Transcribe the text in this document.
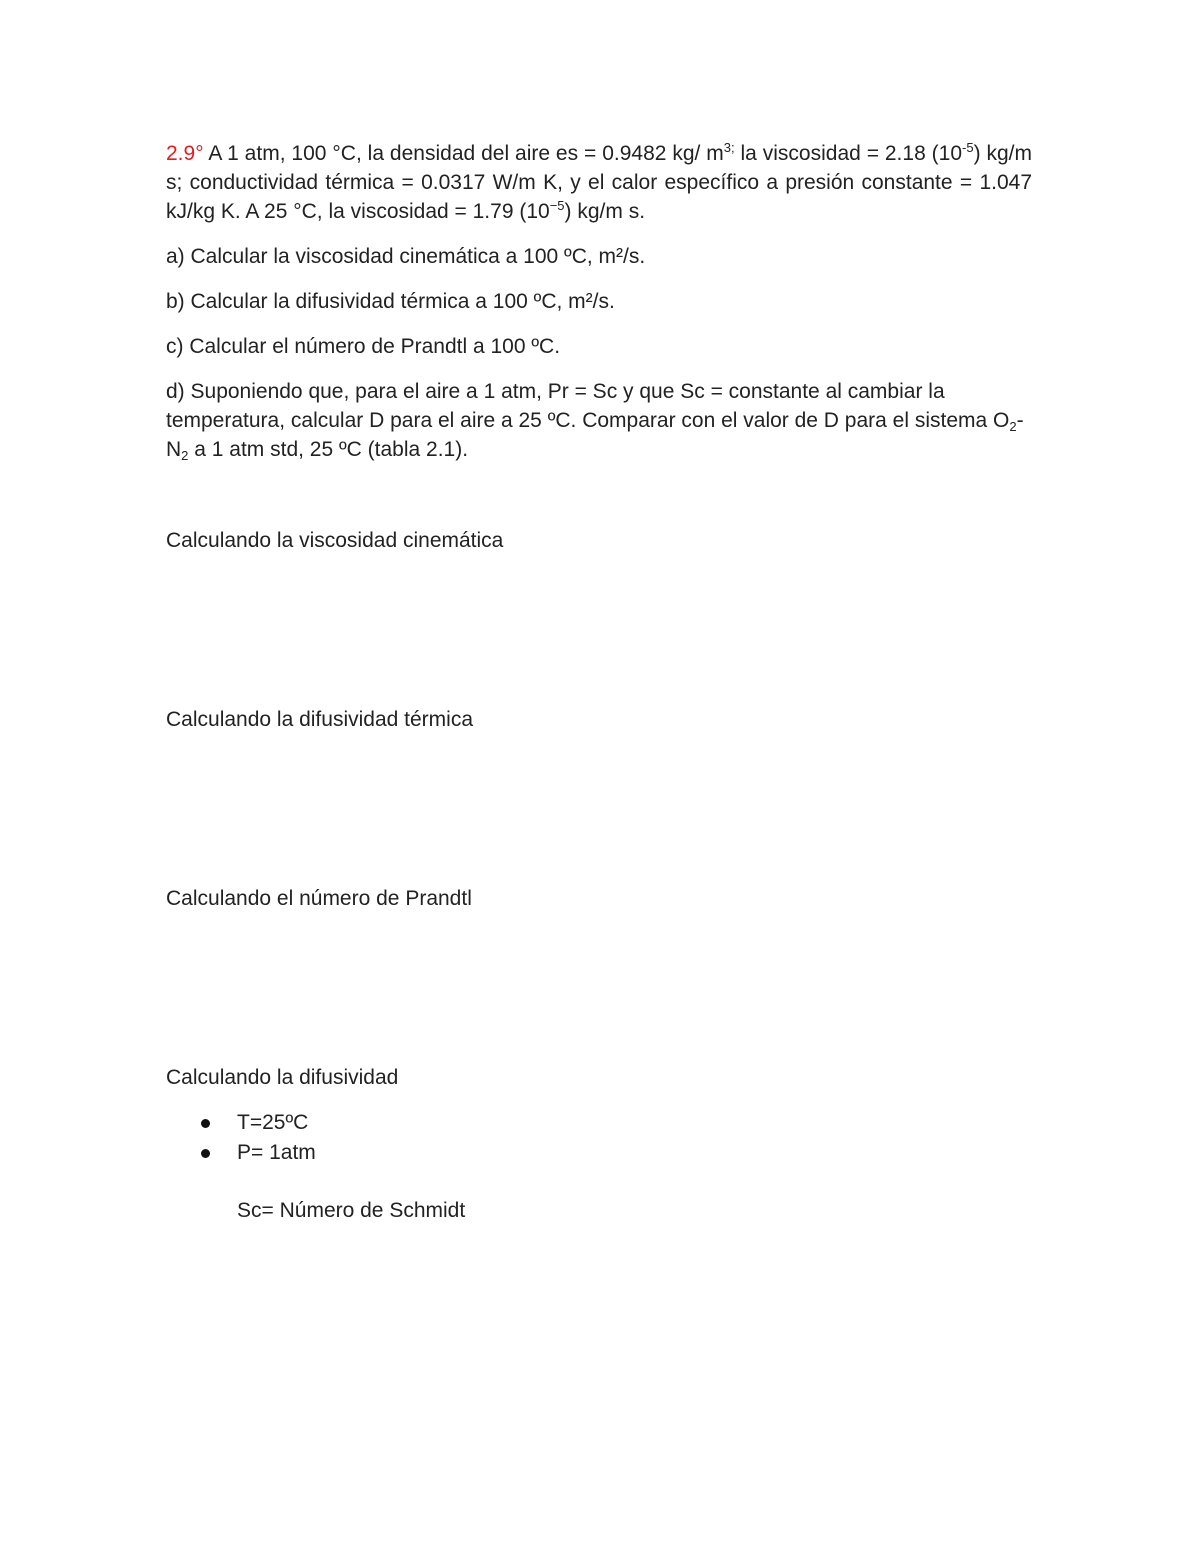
2.9° A 1 atm, 100 °C, la densidad del aire es = 0.9482 kg/ $m^{3;}$ la viscosidad = 2.18 $(10^{-5})$ kg/m s; conductividad térmica = 0.0317 W/m K, y el calor específico a presión constante = 1.047 kJ/kg K. A 25 °C, la viscosidad = 1.79 $(10^{-5})$ kg/m s.

a) Calcular la viscosidad cinemática a 100 ºC, m²/s.

b) Calcular la difusividad térmica a 100 ºC, m²/s.

c) Calcular el número de Prandtl a 100 ºC.

d) Suponiendo que, para el aire a 1 atm, Pr = Sc y que Sc = constante al cambiar la temperatura, calcular D para el aire a 25 ºC. Comparar con el valor de D para el sistema $O_2-N_2$ a 1 atm std, 25 ºC (tabla 2.1).

Calculando la viscosidad cinemática

Calculando la difusividad térmica

Calculando el número de Prandtl

Calculando la difusividad

T=25ºC
P= 1atm

Sc= Número de Schmidt
